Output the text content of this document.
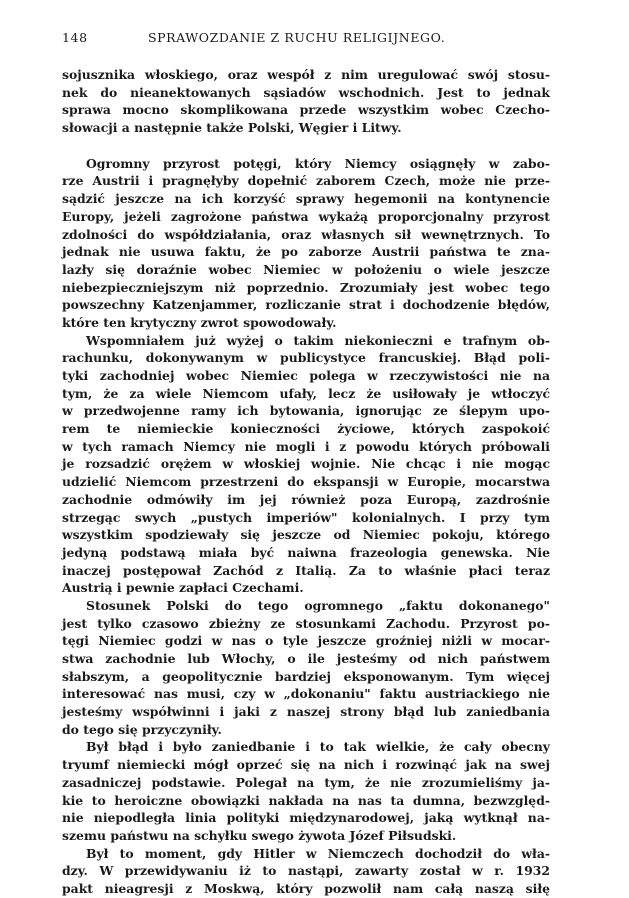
148	SPRAWOZDANIE Z RUCHU RELIGIJNEGO.
sojusznika włoskiego, oraz wespół z nim uregulować swój stosu-
nek do nieanektowanych sąsiadów wschodnich. Jest to jednak
sprawa mocno skomplikowana przede wszystkim wobec Czecho-
słowacji a następnie także Polski, Węgier i Litwy.
Ogromny przyrost potęgi, który Niemcy osiągnęły w zabo-
rze Austrii i pragnęłyby dopełnić zaborem Czech, może nie prze-
sądzić jeszcze na ich korzyść sprawy hegemonii na kontynencie
Europy, jeżeli zagrożone państwa wykażą proporcjonalny przyrost
zdolności do współdziałania, oraz własnych sił wewnętrznych. To
jednak nie usuwa faktu, że po zaborze Austrii państwa te zna-
lazły się doraźnie wobec Niemiec w położeniu o wiele jeszcze
niebezpieczniejszym niż poprzednio. Zrozumiały jest wobec tego
powszechny Katzenjammer, rozliczanie strat i dochodzenie błędów,
które ten krytyczny zwrot spowodowały.
Wspomniałem już wyżej o takim niekonieczni e trafnym ob-
rachunku, dokonywanym w publicystyce francuskiej. Błąd poli-
tyki zachodniej wobec Niemiec polega w rzeczywistości nie na
tym, że za wiele Niemcom ufały, lecz że usiłowały je wtłoczyć
w przedwojenne ramy ich bytowania, ignorując ze ślepym upo-
rem te niemieckie konieczności życiowe, których zaspokoić
w tych ramach Niemcy nie mogli i z powodu których próbowali
je rozsadzić orężem w włoskiej wojnie. Nie chcąc i nie mogąc
udzielić Niemcom przestrzeni do ekspansji w Europie, mocarstwa
zachodnie odmówiły im jej również poza Europą, zazdrośnie
strzegąc swych „pustych imperiów" kolonialnych. I przy tym
wszystkim spodziewały się jeszcze od Niemiec pokoju, którego
jedyną podstawą miała być naiwna frazeologia genewska. Nie
inaczej postępował Zachód z Italią. Za to właśnie płaci teraz
Austrią i pewnie zapłaci Czechami.
Stosunek Polski do tego ogromnego „faktu dokonanego"
jest tylko czasowo zbieżny ze stosunkami Zachodu. Przyrost po-
tęgi Niemiec godzi w nas o tyle jeszcze groźniej niżli w mocar-
stwa zachodnie lub Włochy, o ile jesteśmy od nich państwem
słabszym, a geopolitycznie bardziej eksponowanym. Tym więcej
interesować nas musi, czy w „dokonaniu" faktu austriackiego nie
jesteśmy współwinni i jaki z naszej strony błąd lub zaniedbania
do tego się przyczyniły.
Był błąd i było zaniedbanie i to tak wielkie, że cały obecny
tryumf niemiecki mógł oprzeć się na nich i rozwinąć jak na swej
zasadniczej podstawie. Polegał na tym, że nie zrozumieliśmy ja-
kie to heroiczne obowiązki nakłada na nas ta dumna, bezwzględ-
nie niepodległa linia polityki międzynarodowej, jaką wytknął na-
szemu państwu na schyłku swego żywota Józef Piłsudski.
Był to moment, gdy Hitler w Niemczech dochodził do wła-
dzy. W przewidywaniu iż to nastąpi, zawarty został w r. 1932
pakt nieagresji z Moskwą, który pozwolił nam całą naszą siłę
